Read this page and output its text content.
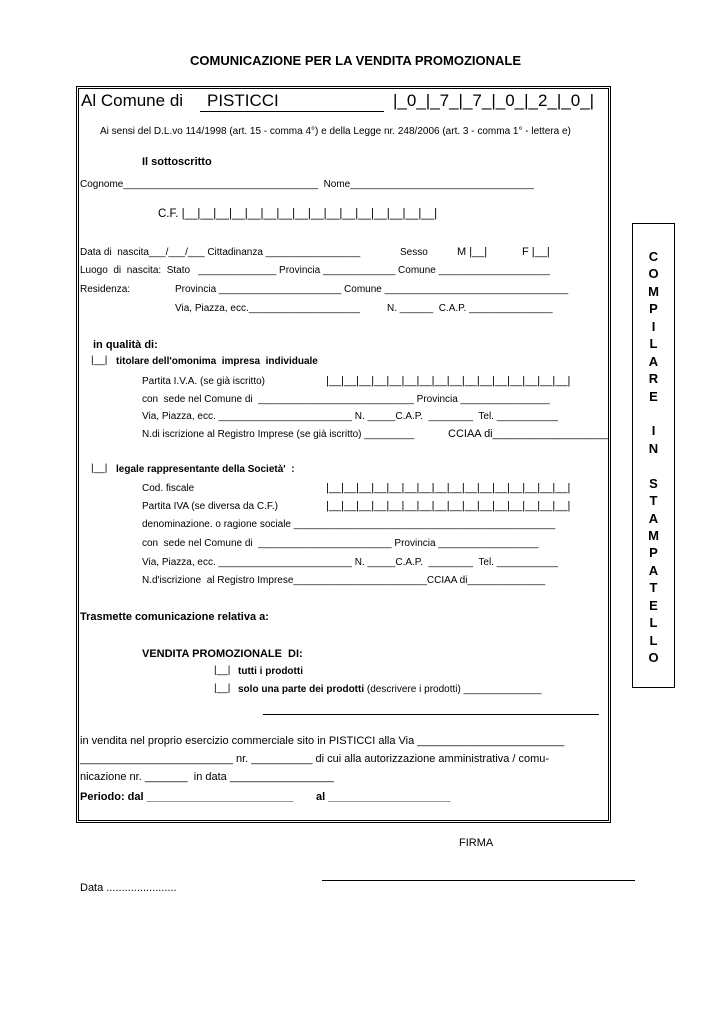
COMUNICAZIONE PER LA VENDITA PROMOZIONALE
Al Comune di PISTICCI	|_0_|_7_|_7_|_0_|_2_|_0_|
Ai sensi del D.L.vo 114/1998 (art. 15 - comma 4°) e della Legge nr. 248/2006 (art. 3 - comma 1° - lettera e)
Il sottoscritto
Cognome___________________________________  Nome_________________________________
C.F. |__|__|__|__|__|__|__|__|__|__|__|__|__|__|__|__|
Data di  nascita___/___/___ Cittadinanza _________________	Sesso	M |__|	F |__|
Luogo  di  nascita:  Stato   ______________ Provincia _____________ Comune ____________________
Residenza:	Provincia ______________________ Comune _________________________________
Via, Piazza, ecc.____________________	N. ______  C.A.P. _______________
in qualità di:
|__| titolare dell'omonima  impresa  individuale
Partita I.V.A. (se già iscritto)	|__|__|__|__|__|__|__|__|__|__|__|__|__|__|__|__|
con  sede nel Comune di  ____________________________ Provincia ________________
Via, Piazza, ecc. ________________________ N. _____C.A.P.  ________  Tel. ___________
N.di iscrizione al Registro Imprese (se già iscritto) _________	CCIAA di___________________
|__| legale rappresentante della Società'  :
Cod. fiscale	|__|__|__|__|__|__|__|__|__|__|__|__|__|__|__|__|
Partita IVA (se diversa da C.F.)	|__|__|__|__|__|__|__|__|__|__|__|__|__|__|__|__|
denominazione. o ragione sociale _______________________________________________
con  sede nel Comune di  ________________________ Provincia __________________
Via, Piazza, ecc. ________________________ N. _____C.A.P.  ________  Tel. ___________
N.d'iscrizione  al Registro Imprese________________________CCIAA di______________
Trasmette comunicazione relativa a:
VENDITA PROMOZIONALE  DI:
|__| tutti i prodotti
|__| solo una parte dei prodotti (descrivere i prodotti) ______________
in vendita nel proprio esercizio commerciale sito in PISTICCI alla Via ________________________
_________________________ nr. __________ di cui alla autorizzazione amministrativa / comu-
nicazione nr. _______  in data _________________
Periodo: dal ________________________ al ____________________
C
O
M
P
I
L
A
R
E
I
N
S
T
A
M
P
A
T
E
L
L
O
FIRMA
Data .......................
